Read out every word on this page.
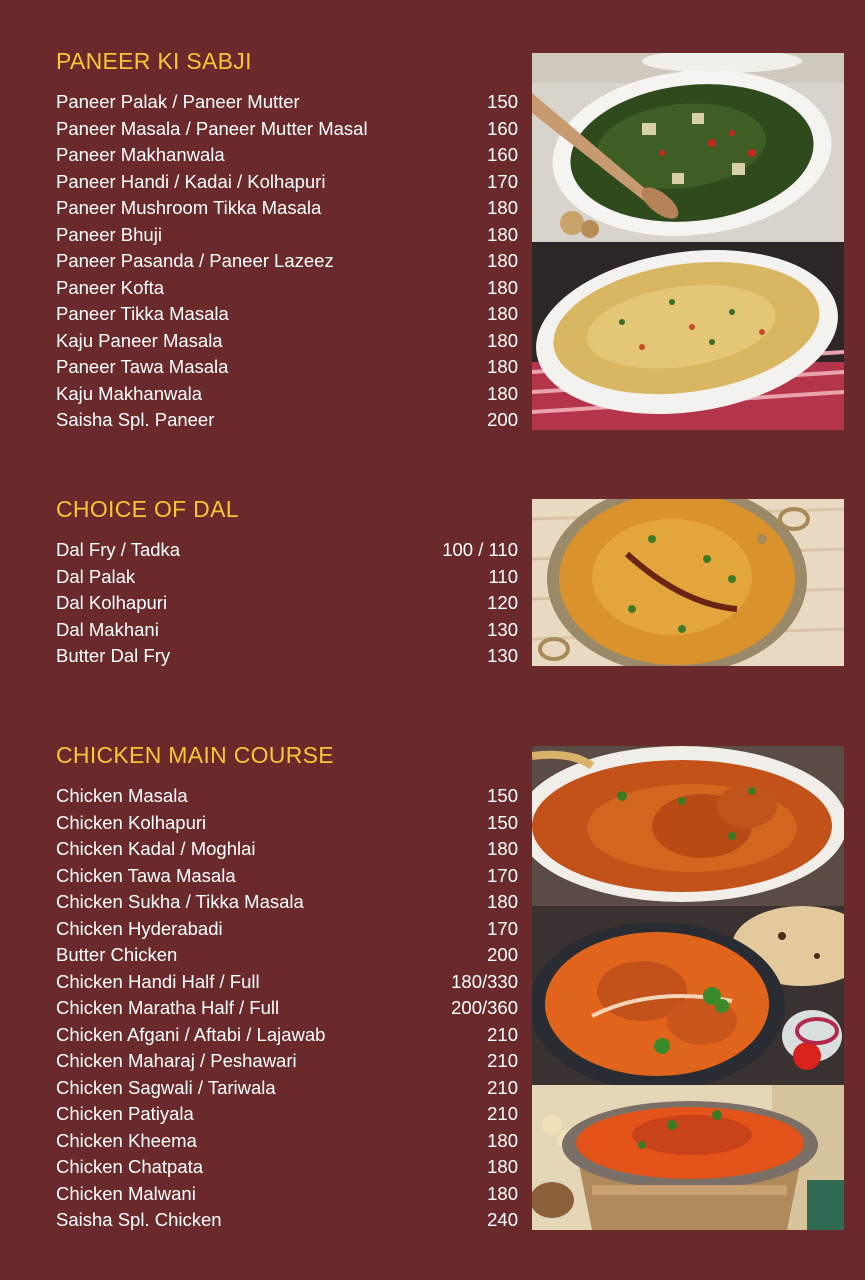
PANEER KI SABJI
CHOICE OF DAL
CHICKEN MAIN COURSE
Paneer Palak / Paneer Mutter	150
Paneer Masala / Paneer Mutter Masal	160
Paneer Makhanwala	160
Paneer Handi / Kadai / Kolhapuri	170
Paneer Mushroom Tikka Masala	180
Paneer Bhuji	180
Paneer Pasanda / Paneer Lazeez	180
Paneer Kofta	180
Paneer Tikka Masala	180
Kaju Paneer Masala	180
Paneer Tawa Masala	180
Kaju Makhanwala	180
Saisha Spl. Paneer	200
Dal Fry / Tadka	100 / 110
Dal Palak	110
Dal Kolhapuri	120
Dal Makhani	130
Butter Dal Fry	130
Chicken Masala	150
Chicken Kolhapuri	150
Chicken Kadal / Moghlai	180
Chicken Tawa Masala	170
Chicken Sukha / Tikka Masala	180
Chicken Hyderabadi	170
Butter Chicken	200
Chicken Handi Half / Full	180/330
Chicken Maratha Half / Full	200/360
Chicken Afgani / Aftabi / Lajawab	210
Chicken Maharaj / Peshawari	210
Chicken Sagwali / Tariwala	210
Chicken Patiyala	210
Chicken Kheema	180
Chicken Chatpata	180
Chicken Malwani	180
Saisha Spl. Chicken	240
